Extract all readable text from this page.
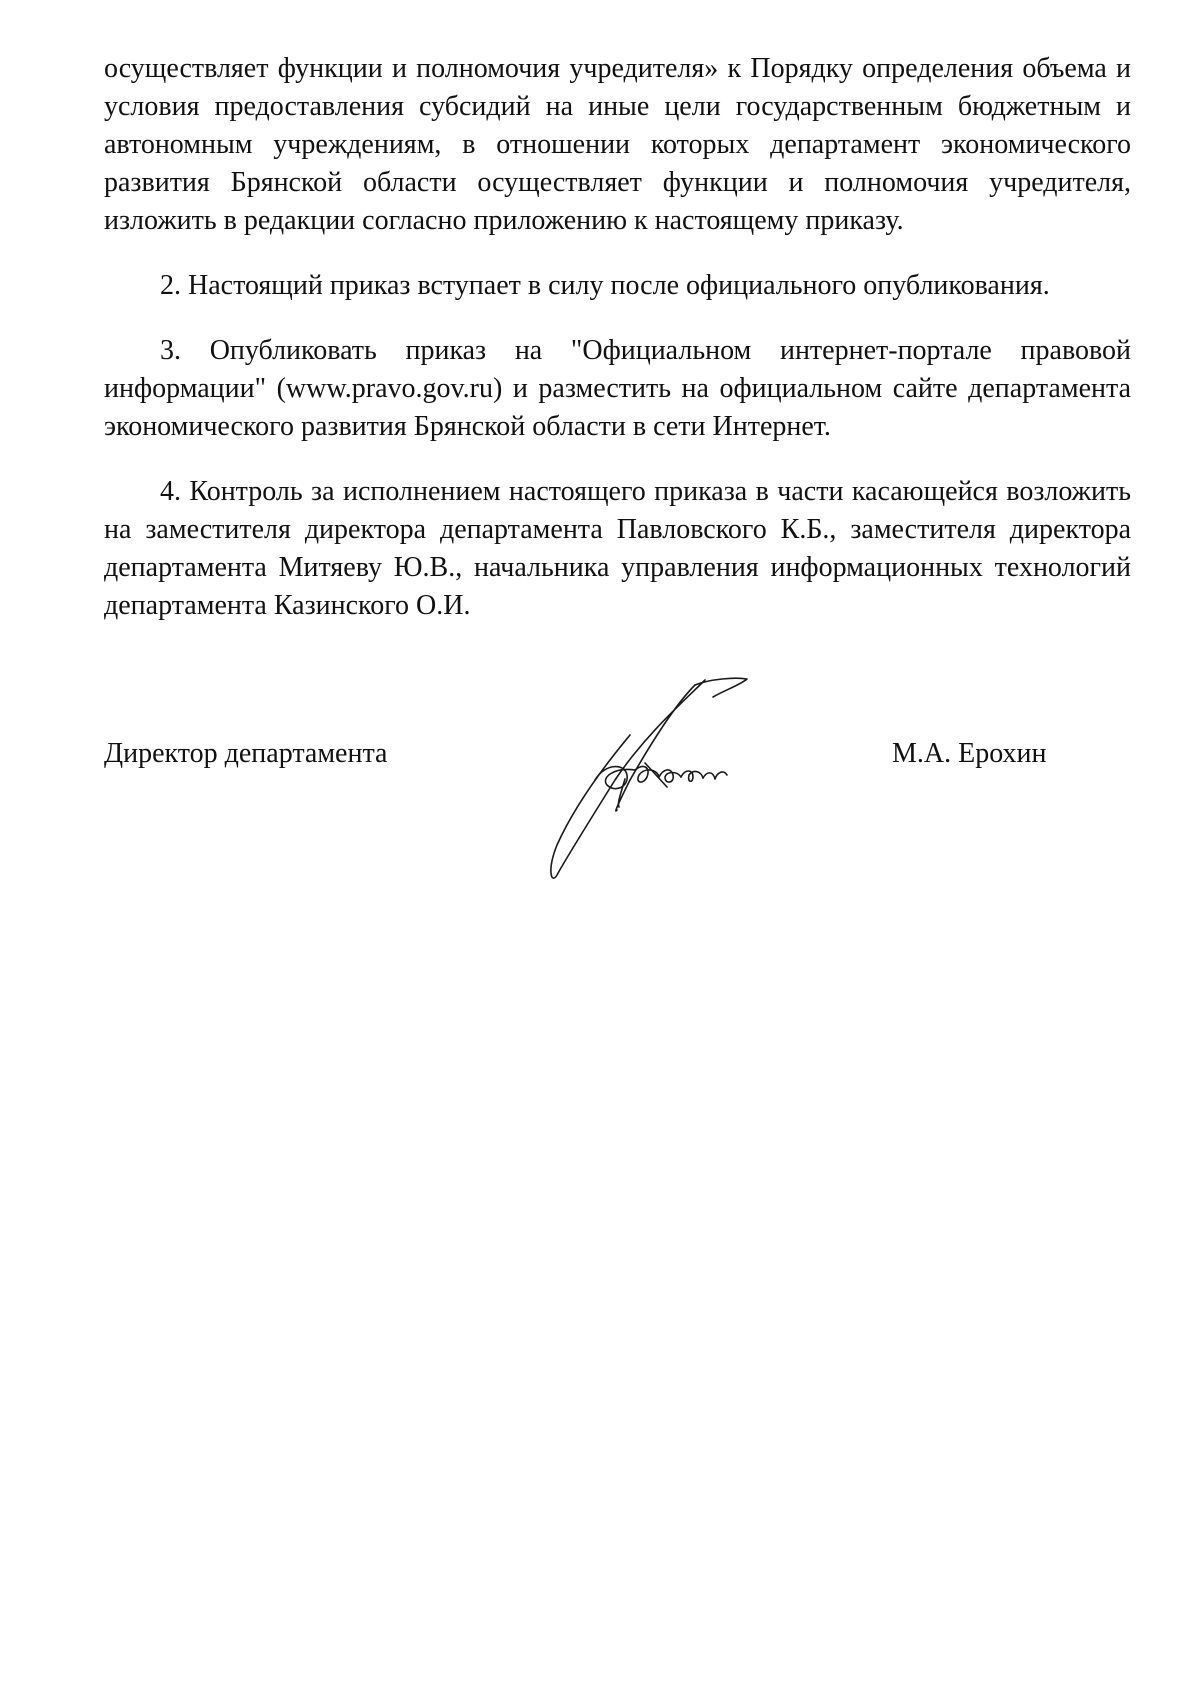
осуществляет функции и полномочия учредителя» к Порядку определения объема и условия предоставления субсидий на иные цели государственным бюджетным и автономным учреждениям, в отношении которых департамент экономического развития Брянской области осуществляет функции и полномочия учредителя, изложить в редакции согласно приложению к настоящему приказу.

2. Настоящий приказ вступает в силу после официального опубликования.

3. Опубликовать приказ на "Официальном интернет-портале правовой информации" (www.pravo.gov.ru) и разместить на официальном сайте департамента экономического развития Брянской области в сети Интернет.

4. Контроль за исполнением настоящего приказа в части касающейся возложить на заместителя директора департамента Павловского К.Б., заместителя директора департамента Митяеву Ю.В., начальника управления информационных технологий департамента Казинского О.И.

Директор департамента	М.А. Ерохин
